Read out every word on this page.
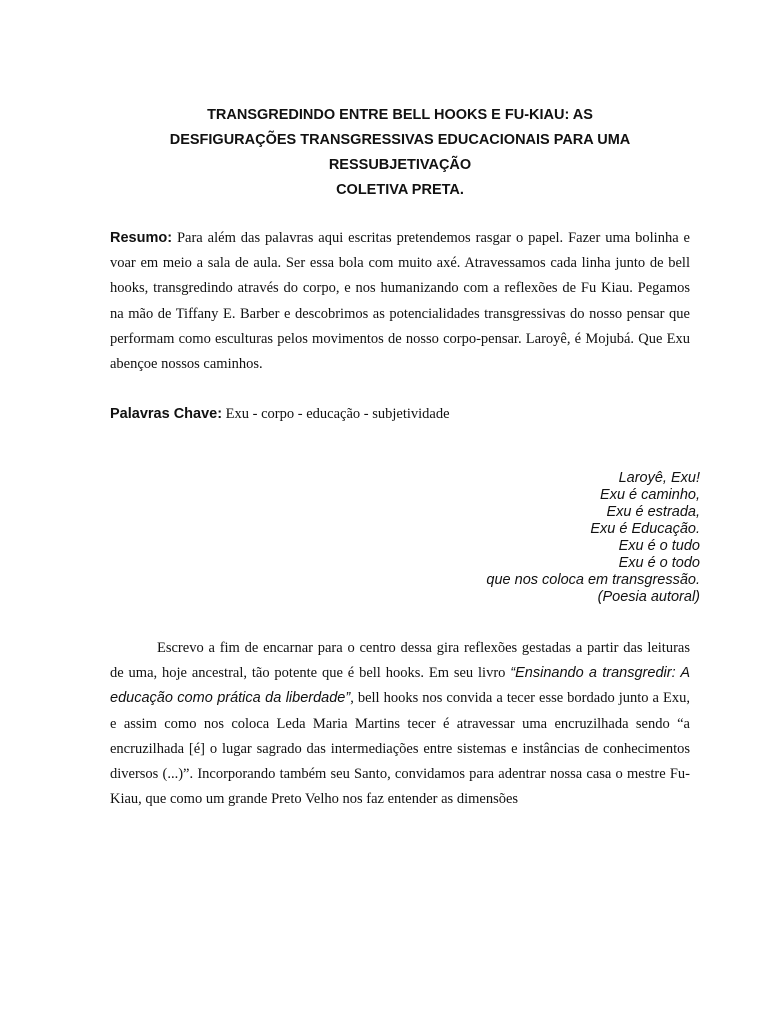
TRANSGREDINDO ENTRE BELL HOOKS E FU-KIAU: AS
DESFIGURAÇÕES TRANSGRESSIVAS EDUCACIONAIS PARA UMA
RESSUBJETIVAÇÃO
COLETIVA PRETA.
Resumo: Para além das palavras aqui escritas pretendemos rasgar o papel. Fazer uma bolinha e voar em meio a sala de aula. Ser essa bola com muito axé. Atravessamos cada linha junto de bell hooks, transgredindo através do corpo, e nos humanizando com a reflexões de Fu Kiau. Pegamos na mão de Tiffany E. Barber e descobrimos as potencialidades transgressivas do nosso pensar que performam como esculturas pelos movimentos de nosso corpo-pensar. Laroyê, é Mojubá. Que Exu abençoe nossos caminhos.
Palavras Chave: Exu - corpo - educação - subjetividade
Laroyê, Exu!
Exu é caminho,
Exu é estrada,
Exu é Educação.
Exu é o tudo
Exu é o todo
que nos coloca em transgressão.
(Poesia autoral)
Escrevo a fim de encarnar para o centro dessa gira reflexões gestadas a partir das leituras de uma, hoje ancestral, tão potente que é bell hooks. Em seu livro “Ensinando a transgredir: A educação como prática da liberdade”, bell hooks nos convida a tecer esse bordado junto a Exu, e assim como nos coloca Leda Maria Martins tecer é atravessar uma encruzilhada sendo “a encruzilhada [é] o lugar sagrado das intermediações entre sistemas e instâncias de conhecimentos diversos (...)”. Incorporando também seu Santo, convidamos para adentrar nossa casa o mestre Fu-Kiau, que como um grande Preto Velho nos faz entender as dimensões
